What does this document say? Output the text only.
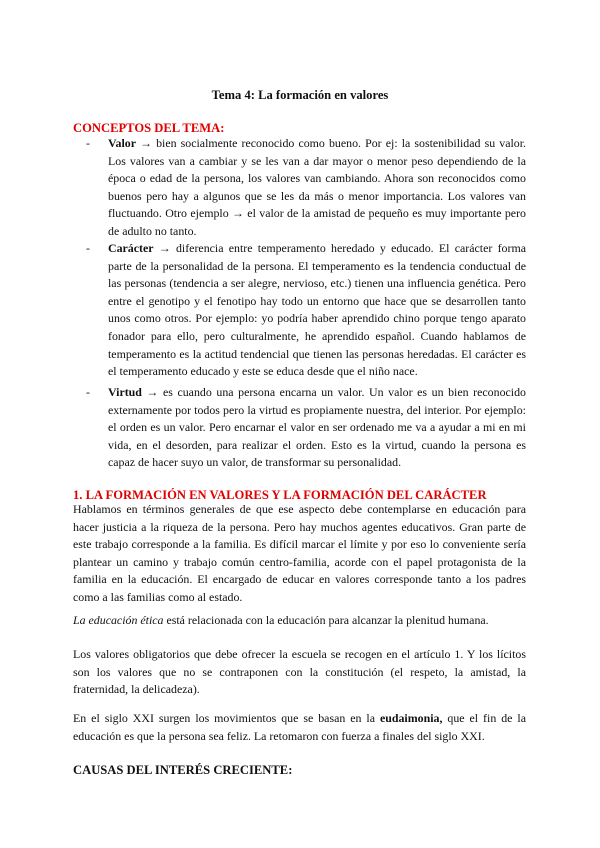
Tema 4: La formación en valores
CONCEPTOS DEL TEMA:
- Valor → bien socialmente reconocido como bueno. Por ej: la sostenibilidad su valor. Los valores van a cambiar y se les van a dar mayor o menor peso dependiendo de la época o edad de la persona, los valores van cambiando. Ahora son reconocidos como buenos pero hay a algunos que se les da más o menor importancia. Los valores van fluctuando. Otro ejemplo → el valor de la amistad de pequeño es muy importante pero de adulto no tanto.
- Carácter → diferencia entre temperamento heredado y educado. El carácter forma parte de la personalidad de la persona. El temperamento es la tendencia conductual de las personas (tendencia a ser alegre, nervioso, etc.) tienen una influencia genética. Pero entre el genotipo y el fenotipo hay todo un entorno que hace que se desarrollen tanto unos como otros. Por ejemplo: yo podría haber aprendido chino porque tengo aparato fonador para ello, pero culturalmente, he aprendido español. Cuando hablamos de temperamento es la actitud tendencial que tienen las personas heredadas. El carácter es el temperamento educado y este se educa desde que el niño nace.
- Virtud → es cuando una persona encarna un valor. Un valor es un bien reconocido externamente por todos pero la virtud es propiamente nuestra, del interior. Por ejemplo: el orden es un valor. Pero encarnar el valor en ser ordenado me va a ayudar a mi en mi vida, en el desorden, para realizar el orden. Esto es la virtud, cuando la persona es capaz de hacer suyo un valor, de transformar su personalidad.
1. LA FORMACIÓN EN VALORES Y LA FORMACIÓN DEL CARÁCTER
Hablamos en términos generales de que ese aspecto debe contemplarse en educación para hacer justicia a la riqueza de la persona. Pero hay muchos agentes educativos. Gran parte de este trabajo corresponde a la familia. Es difícil marcar el límite y por eso lo conveniente sería plantear un camino y trabajo común centro-familia, acorde con el papel protagonista de la familia en la educación. El encargado de educar en valores corresponde tanto a los padres como a las familias como al estado.
La educación ética está relacionada con la educación para alcanzar la plenitud humana.
Los valores obligatorios que debe ofrecer la escuela se recogen en el artículo 1. Y los lícitos son los valores que no se contraponen con la constitución (el respeto, la amistad, la fraternidad, la delicadeza).
En el siglo XXI surgen los movimientos que se basan en la eudaimonia, que el fin de la educación es que la persona sea feliz. La retomaron con fuerza a finales del siglo XXI.
CAUSAS DEL INTERÉS CRECIENTE:
